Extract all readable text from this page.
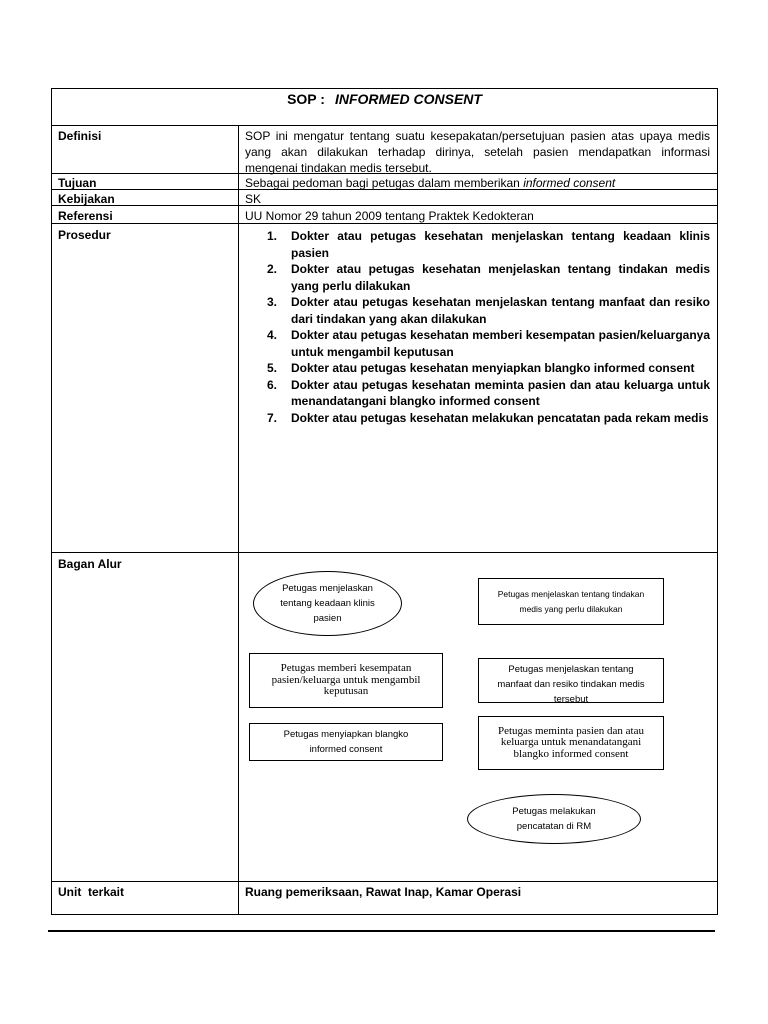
SOP : INFORMED CONSENT
Definisi	SOP ini mengatur tentang suatu kesepakatan/persetujuan pasien atas upaya medis yang akan dilakukan terhadap dirinya, setelah pasien mendapatkan informasi mengenai tindakan medis tersebut.
Tujuan	Sebagai pedoman bagi petugas dalam memberikan informed consent
Kebijakan	SK
Referensi	UU Nomor 29 tahun 2009 tentang Praktek Kedokteran
Prosedur	1. Dokter atau petugas kesehatan menjelaskan tentang keadaan klinis pasien
2. Dokter atau petugas kesehatan menjelaskan tentang tindakan medis yang perlu dilakukan
3. Dokter atau petugas kesehatan menjelaskan tentang manfaat dan resiko dari tindakan yang akan dilakukan
4. Dokter atau petugas kesehatan memberi kesempatan pasien/keluarganya untuk mengambil keputusan
5. Dokter atau petugas kesehatan menyiapkan blangko informed consent
6. Dokter atau petugas kesehatan meminta pasien dan atau keluarga untuk menandatangani blangko informed consent
7. Dokter atau petugas kesehatan melakukan pencatatan pada rekam medis
Bagan Alur
Petugas menjelaskan
tentang keadaan klinis
pasien
Petugas menjelaskan tentang tindakan
medis yang perlu dilakukan
Petugas memberi kesempatan
pasien/keluarga untuk mengambil
keputusan
Petugas menjelaskan tentang
manfaat dan resiko tindakan medis
tersebut
Petugas menyiapkan blangko
informed consent
Petugas meminta pasien dan atau
keluarga untuk menandatangani
blangko informed consent
Petugas melakukan
pencatatan di RM
Unit  terkait	Ruang pemeriksaan, Rawat Inap, Kamar Operasi
